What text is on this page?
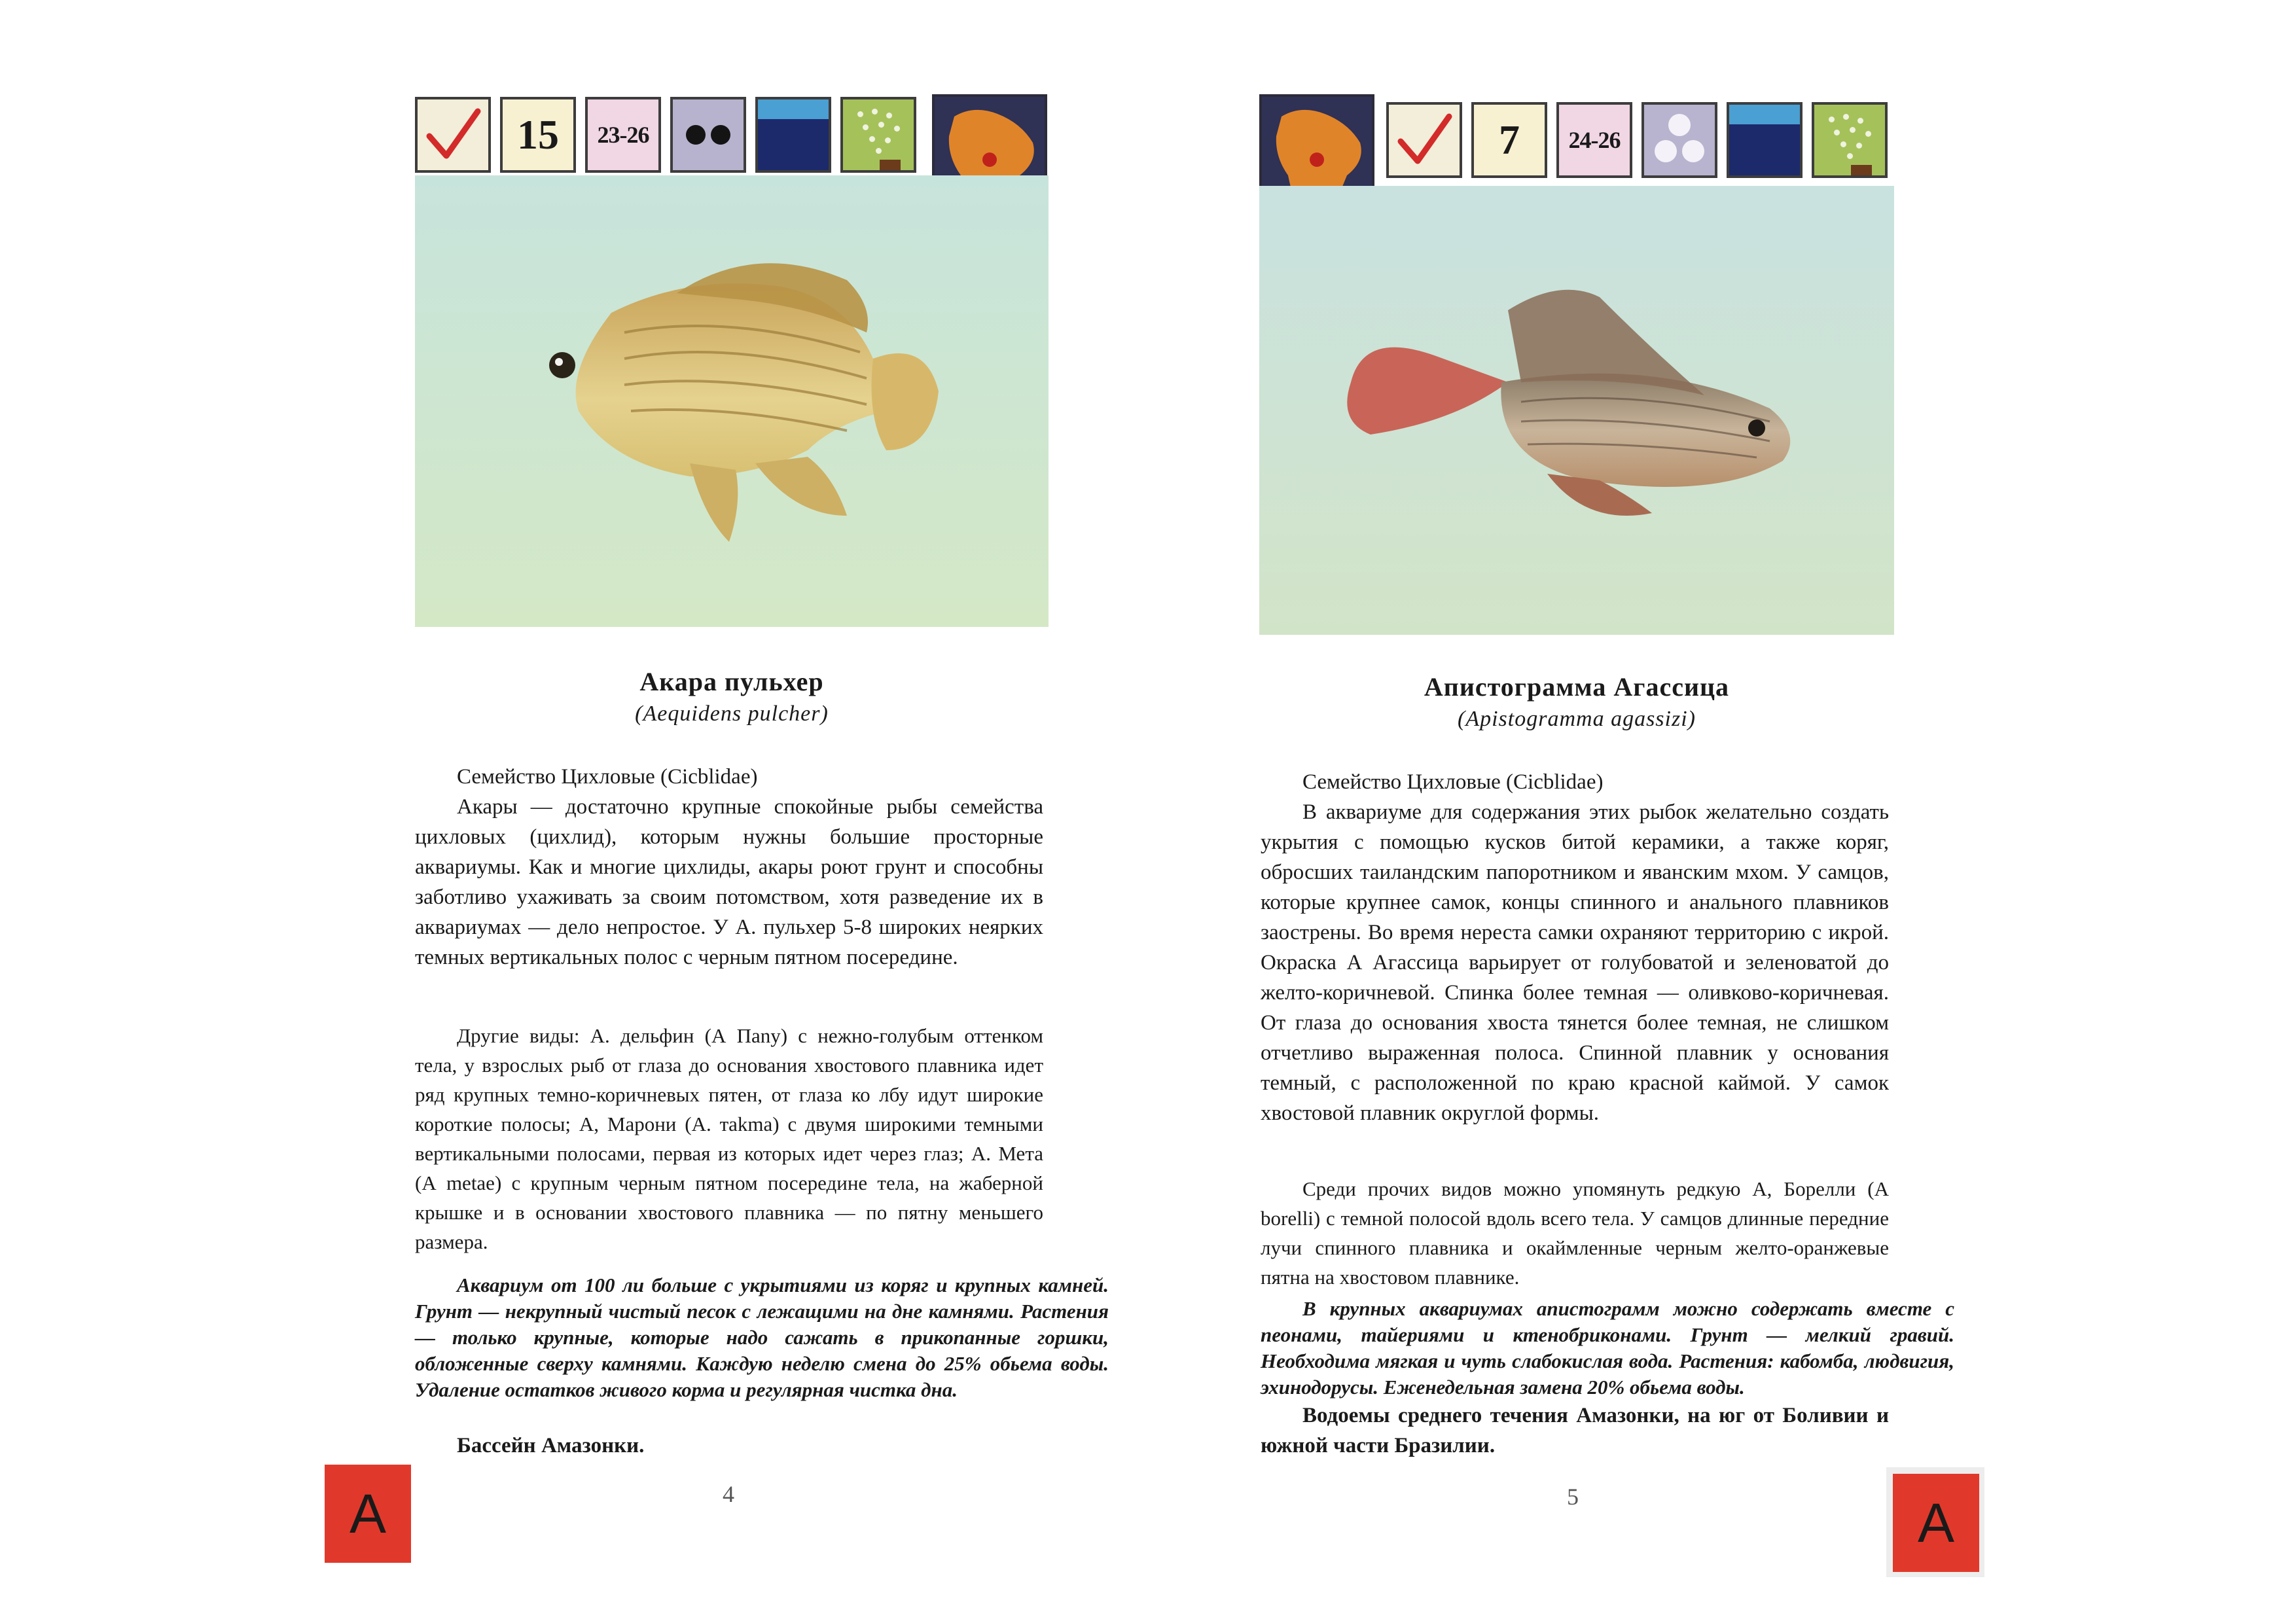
15	23-26
Акара пульхер
(Aequidens pulcher)

Семейство Цихловые (Cicblidae)

Акары — достаточно крупные спокойные рыбы семейства цихловых (цихлид), которым нужны большие просторные аквариумы. Как и многие цихлиды, акары роют грунт и способны заботливо ухаживать за своим потомством, хотя разведение их в аквариумах — дело непростое. У А. пульхер 5-8 широких неярких темных вертикальных полос с черным пятном посередине.

Другие виды: А. дельфин (А Пany) с нежно-голубым оттенком тела, у взрослых рыб от глаза до основания хвостового плавника идет ряд крупных темно-коричневых пятен, от глаза ко лбу идут широкие короткие полосы; А, Марони (А. тakma) с двумя широкими темными вертикальными полосами, первая из которых идет через глаз; А. Мета (А metae) с крупным черным пятном посередине тела, на жаберной крышке и в основании хвостового плавника — по пятну меньшего размера.

Аквариум от 100 ли больше с укрытиями из коряг и крупных камней. Грунт — некрупный чистый песок с лежащими на дне камнями. Растения — только крупные, которые надо сажать в прикопанные горшки, обложенные сверху камнями. Каждую неделю смена до 25% обьема воды. Удаление остатков живого корма и регулярная чистка дна.

Бассейн Амазонки.

4
А
7	24-26
Апистограмма Агассица
(Apistogramma agassizi)

Семейство Цихловые (Cicblidae)

В аквариуме для содержания этих рыбок желательно создать укрытия с помощью кусков битой керамики, а также коряг, обросших таиландским папоротником и яванским мхом. У самцов, которые крупнее самок, концы спинного и анального плавников заострены. Во время нереста самки охраняют территорию с икрой. Окраска А Агассица варьирует от голубоватой и зеленоватой до желто-коричневой. Спинка более темная — оливково-коричневая. От глаза до основания хвоста тянется более темная, не слишком отчетливо выраженная полоса. Спинной плавник у основания темный, с расположенной по краю красной каймой. У самок хвостовой плавник округлой формы.

Среди прочих видов можно упомянуть редкую А, Борелли (А borelli) с темной полосой вдоль всего тела. У самцов длинные передние лучи спинного плавника и окаймленные черным желто-оранжевые пятна на хвостовом плавнике.

В крупных аквариумах апистограмм можно содержать вместе с пеонами, тайериями и ктенобриконами. Грунт — мелкий гравий. Необходима мягкая и чуть слабокислая вода. Растения: кабомба, людвигия, эхинодорусы. Еженедельная замена 20% обьема воды.

Водоемы среднего течения Амазонки, на юг от Боливии и южной части Бразилии.

5	А
